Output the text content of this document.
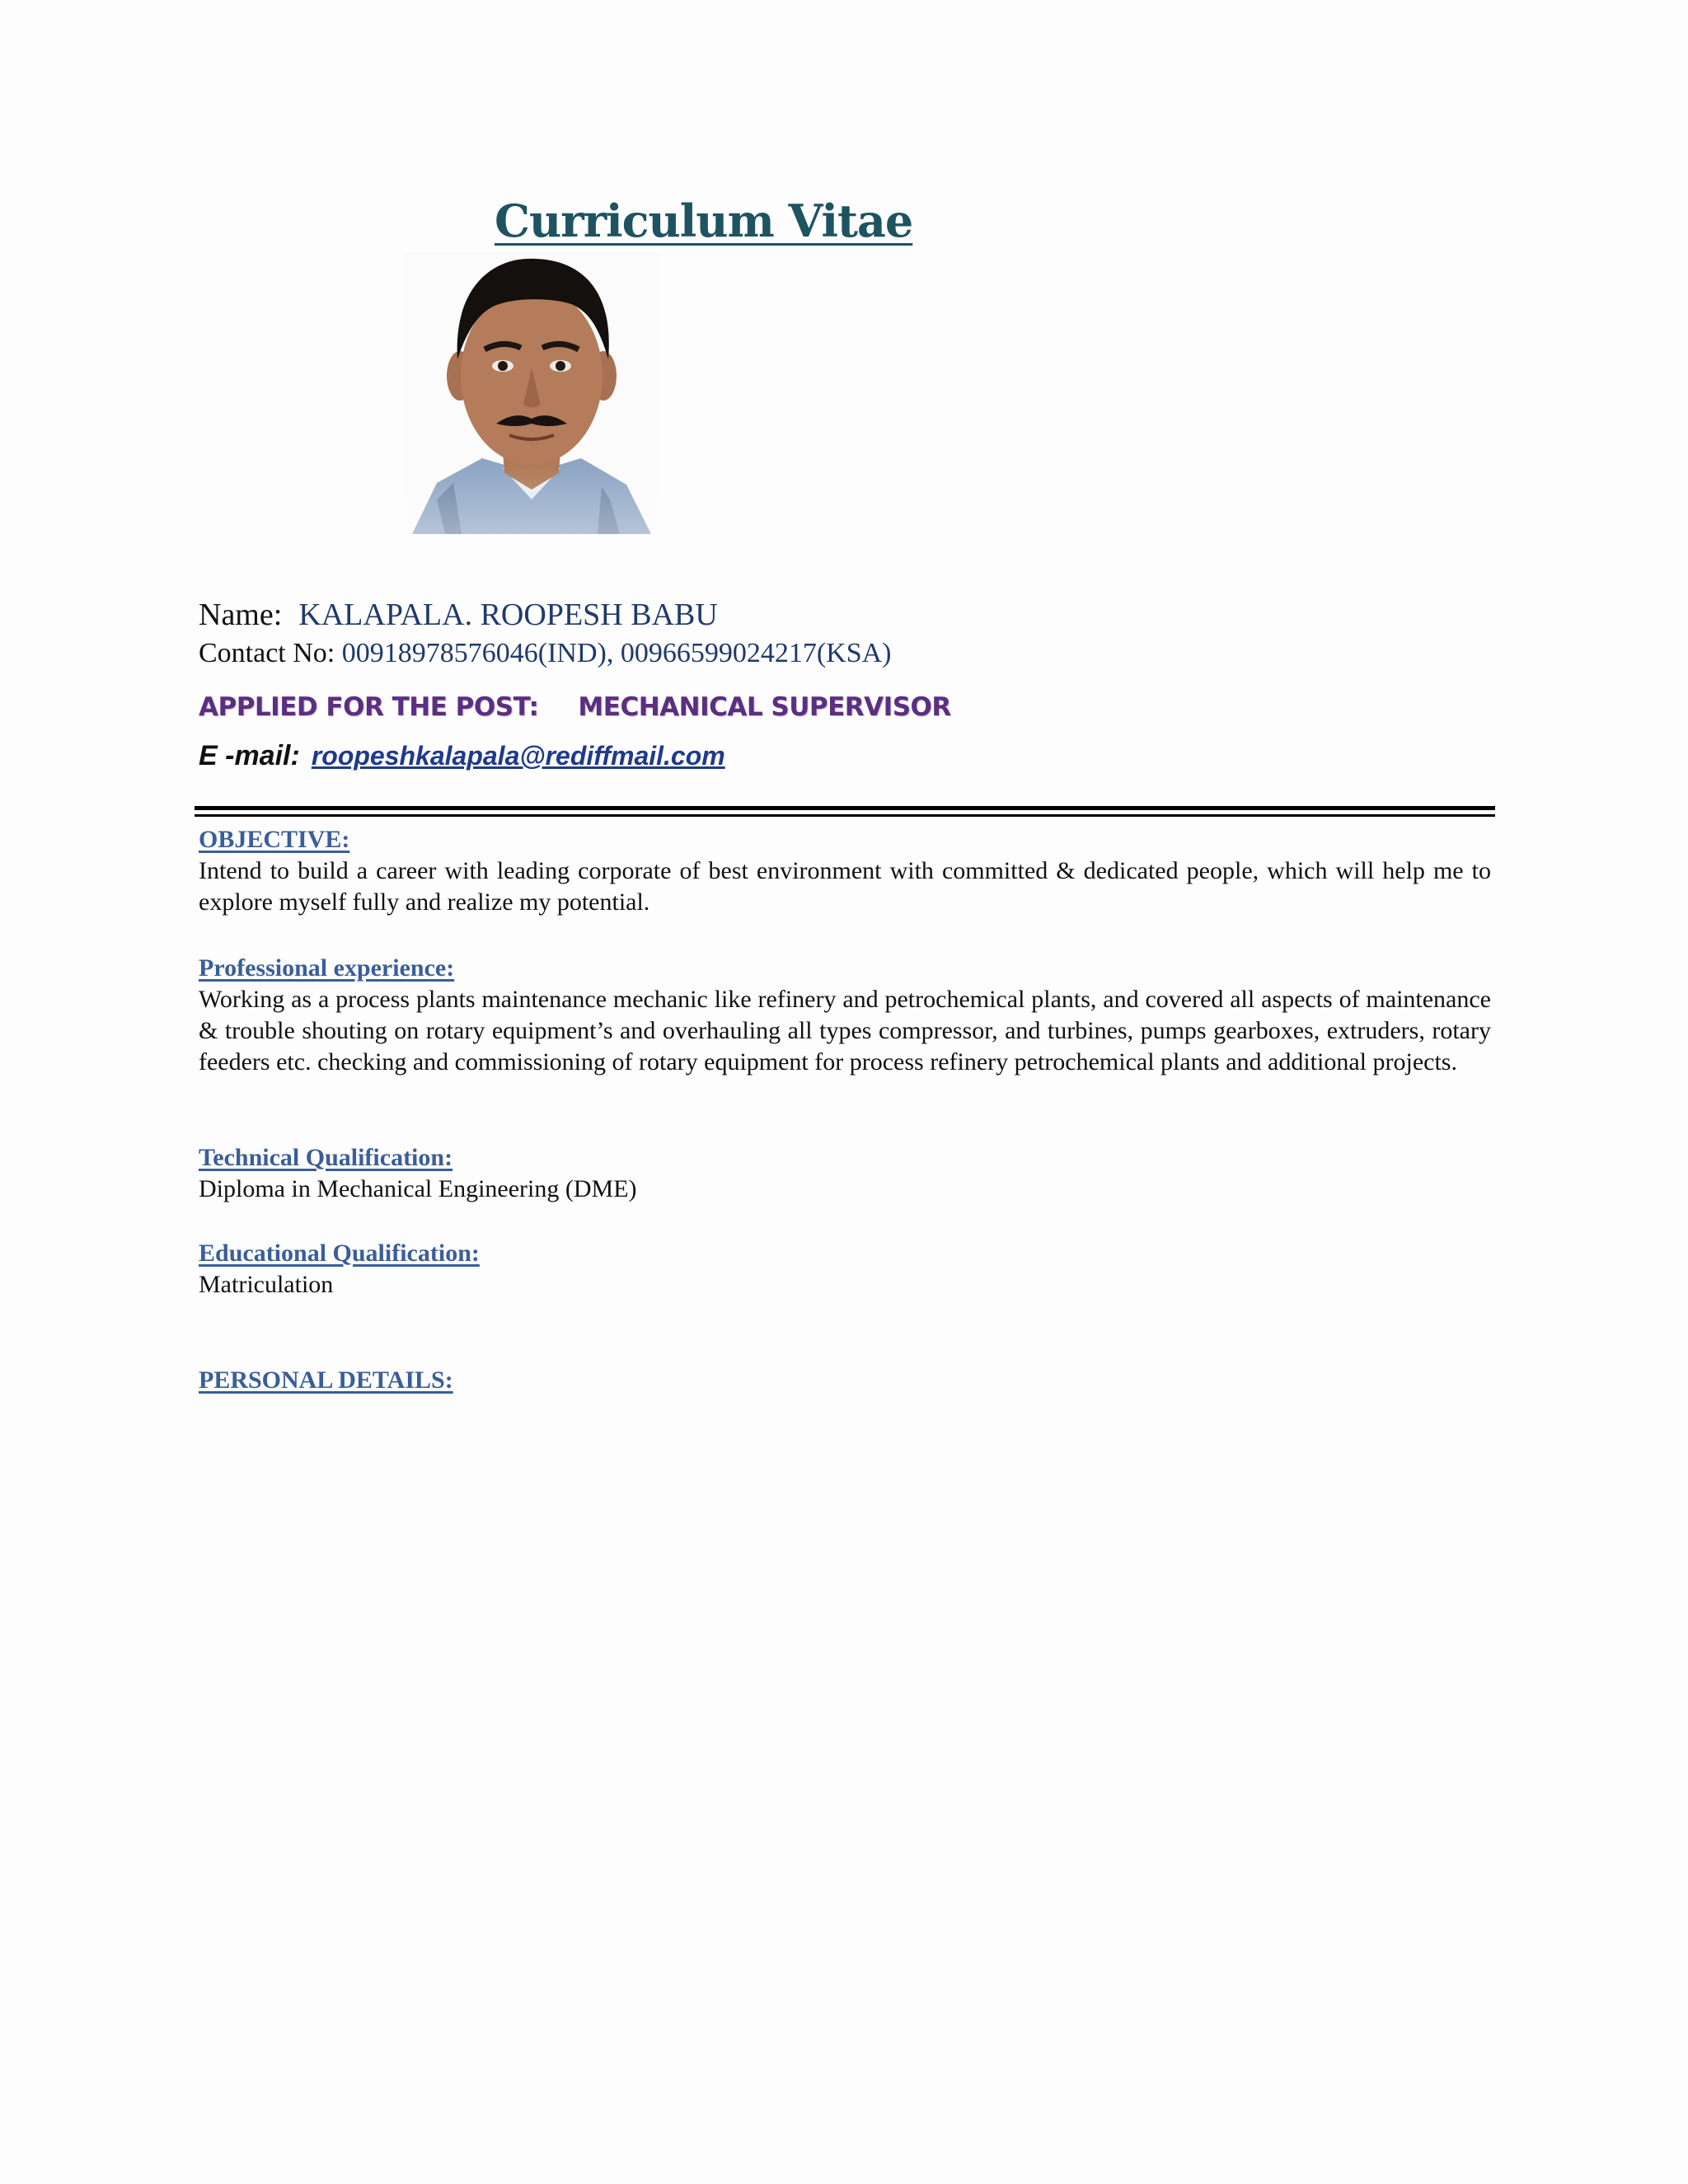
Curriculum Vitae
Name: KALAPALA. ROOPESH BABU
Contact No: 00918978576046(IND), 00966599024217(KSA)
APPLIED FOR THE POST: MECHANICAL SUPERVISOR
E -mail: roopeshkalapala@rediffmail.com

OBJECTIVE:

Intend to build a career with leading corporate of best environment with committed & dedicated people, which will help me to explore myself fully and realize my potential.

Professional experience:

Working as a process plants maintenance mechanic like refinery and petrochemical plants, and covered all aspects of maintenance & trouble shouting on rotary equipment’s and overhauling all types compressor, and turbines, pumps gearboxes, extruders, rotary feeders etc. checking and commissioning of rotary equipment for process refinery petrochemical plants and additional projects.

Technical Qualification:

Diploma in Mechanical Engineering (DME)

Educational Qualification:

Matriculation

PERSONAL DETAILS:
